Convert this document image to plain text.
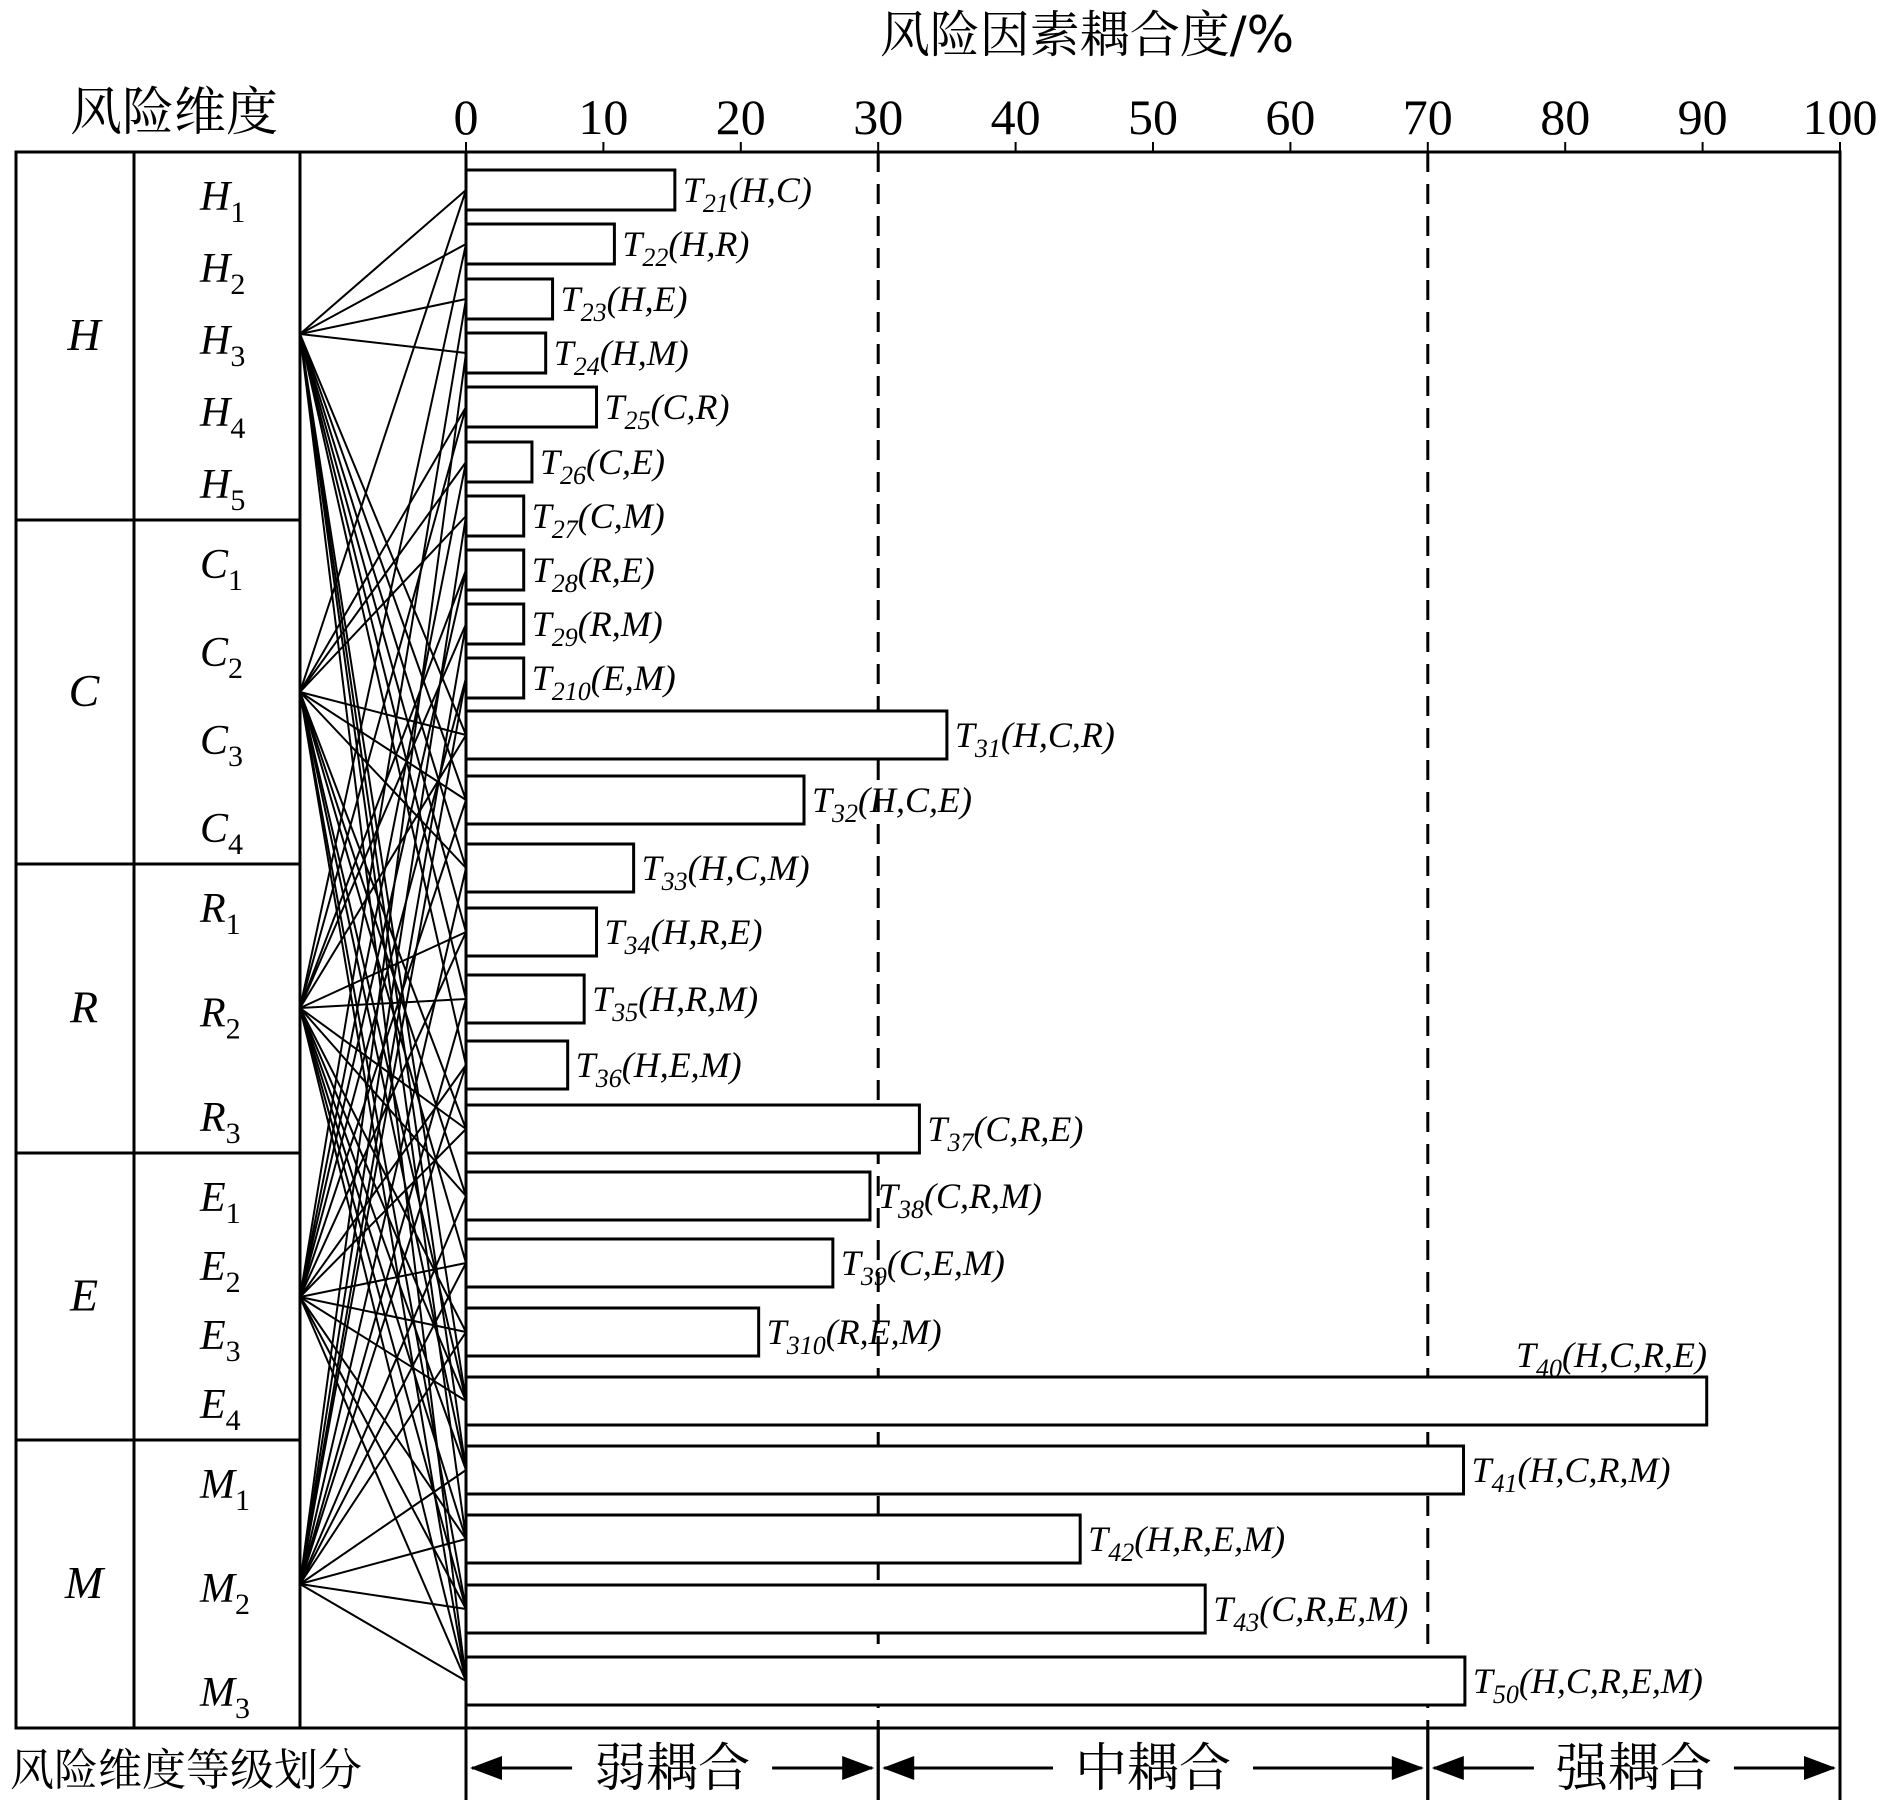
风险因素耦合度/%
风险维度
风险维度等级划分
0 10 20 30 40 50 60 70 80 90 100
$T_{21}(H,C)$
$T_{22}(H,R)$
$T_{23}(H,E)$
$T_{24}(H,M)$
$T_{25}(C,R)$
$T_{26}(C,E)$
$T_{27}(C,M)$
$T_{28}(R,E)$
$T_{29}(R,M)$
$T_{210}(E,M)$
$T_{31}(H,C,R)$
$T_{32}(H,C,E)$
$T_{33}(H,C,M)$
$T_{34}(H,R,E)$
$T_{35}(H,R,M)$
$T_{36}(H,E,M)$
$T_{37}(C,R,E)$
$T_{38}(C,R,M)$
$T_{39}(C,E,M)$
$T_{310}(R,E,M)$
$T_{40}(H,C,R,E)$
$T_{41}(H,C,R,M)$
$T_{42}(H,R,E,M)$
$T_{43}(C,R,E,M)$
$T_{50}(H,C,R,E,M)$
H
$H_1$
$H_2$
$H_3$
$H_4$
$H_5$
C
$C_1$
$C_2$
$C_3$
$C_4$
R
$R_1$
$R_2$
$R_3$
E
$E_1$
$E_2$
$E_3$
$E_4$
M
$M_1$
$M_2$
$M_3$
弱耦合	中耦合	强耦合
